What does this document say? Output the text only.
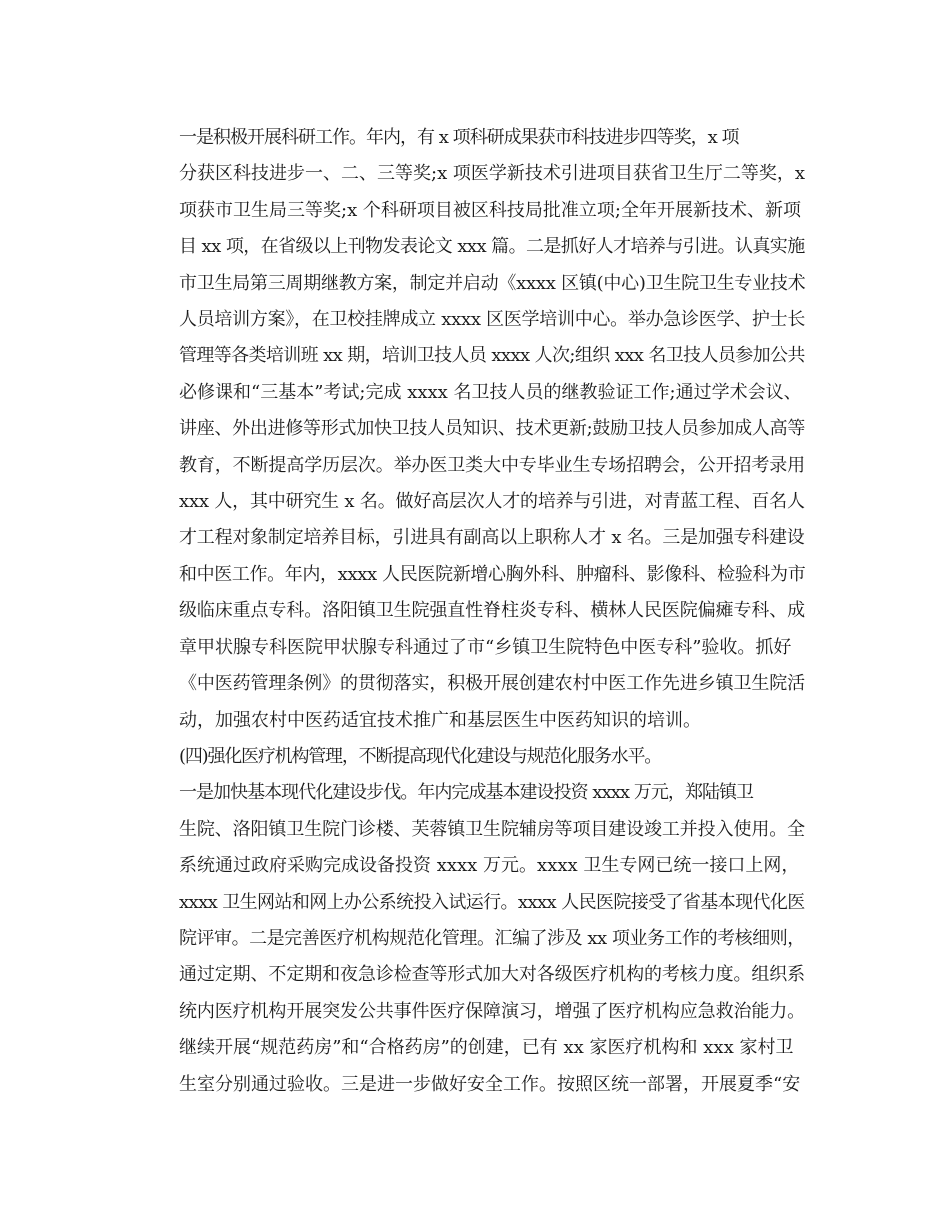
一是积极开展科研工作。年内，有 x 项科研成果获市科技进步四等奖，x 项
分获区科技进步一、二、三等奖;x 项医学新技术引进项目获省卫生厅二等奖，x
项获市卫生局三等奖;x 个科研项目被区科技局批准立项;全年开展新技术、新项
目 xx 项，在省级以上刊物发表论文 xxx 篇。二是抓好人才培养与引进。认真实施
市卫生局第三周期继教方案，制定并启动《xxxx 区镇(中心)卫生院卫生专业技术
人员培训方案》，在卫校挂牌成立 xxxx 区医学培训中心。举办急诊医学、护士长
管理等各类培训班 xx 期，培训卫技人员 xxxx 人次;组织 xxx 名卫技人员参加公共
必修课和“三基本”考试;完成 xxxx 名卫技人员的继教验证工作;通过学术会议、
讲座、外出进修等形式加快卫技人员知识、技术更新;鼓励卫技人员参加成人高等
教育，不断提高学历层次。举办医卫类大中专毕业生专场招聘会，公开招考录用
xxx 人，其中研究生 x 名。做好高层次人才的培养与引进，对青蓝工程、百名人
才工程对象制定培养目标，引进具有副高以上职称人才 x 名。三是加强专科建设
和中医工作。年内，xxxx 人民医院新增心胸外科、肿瘤科、影像科、检验科为市
级临床重点专科。洛阳镇卫生院强直性脊柱炎专科、横林人民医院偏瘫专科、成
章甲状腺专科医院甲状腺专科通过了市“乡镇卫生院特色中医专科”验收。抓好
《中医药管理条例》的贯彻落实，积极开展创建农村中医工作先进乡镇卫生院活
动，加强农村中医药适宜技术推广和基层医生中医药知识的培训。
(四)强化医疗机构管理，不断提高现代化建设与规范化服务水平。
一是加快基本现代化建设步伐。年内完成基本建设投资 xxxx 万元，郑陆镇卫
生院、洛阳镇卫生院门诊楼、芙蓉镇卫生院辅房等项目建设竣工并投入使用。全
系统通过政府采购完成设备投资 xxxx 万元。xxxx 卫生专网已统一接口上网，
xxxx 卫生网站和网上办公系统投入试运行。xxxx 人民医院接受了省基本现代化医
院评审。二是完善医疗机构规范化管理。汇编了涉及 xx 项业务工作的考核细则，
通过定期、不定期和夜急诊检查等形式加大对各级医疗机构的考核力度。组织系
统内医疗机构开展突发公共事件医疗保障演习，增强了医疗机构应急救治能力。
继续开展“规范药房”和“合格药房”的创建，已有 xx 家医疗机构和 xxx 家村卫
生室分别通过验收。三是进一步做好安全工作。按照区统一部署，开展夏季“安
